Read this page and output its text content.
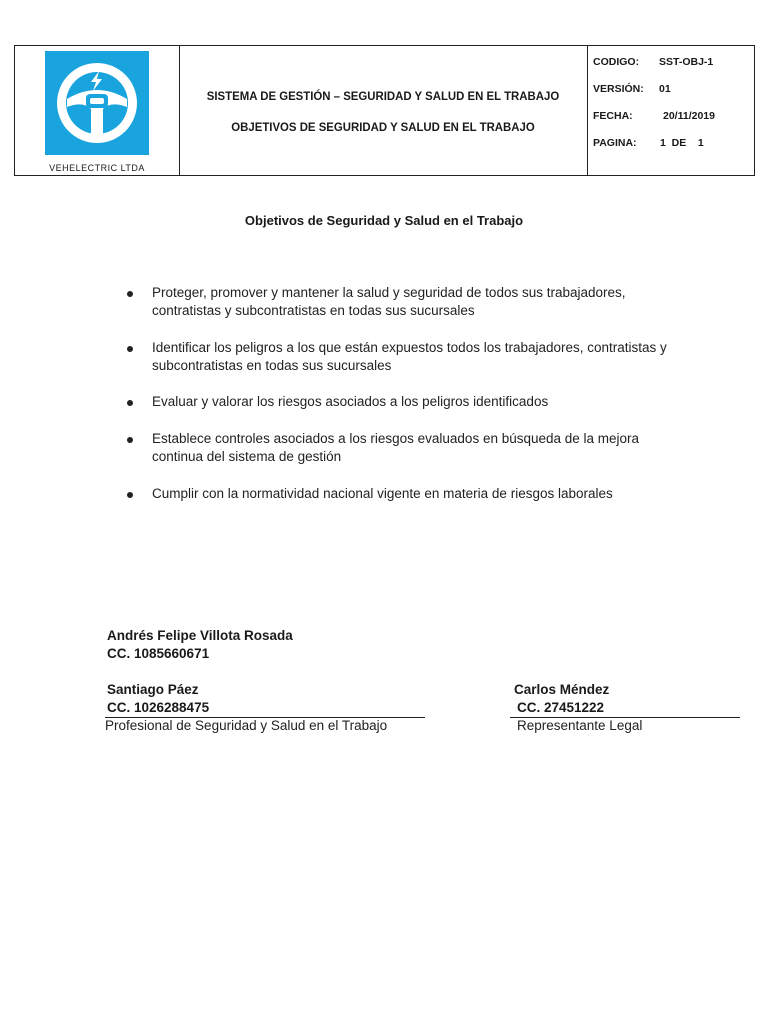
VEHELECTRIC LTDA
SISTEMA DE GESTIÓN – SEGURIDAD Y SALUD EN EL TRABAJO
OBJETIVOS DE SEGURIDAD Y SALUD EN EL TRABAJO
CODIGO: SST-OBJ-1
VERSIÓN: 01
FECHA:	20/11/2019
PAGINA: 1  DE    1
Objetivos de Seguridad y Salud en el Trabajo
Proteger, promover y mantener la salud y seguridad de todos sus trabajadores, contratistas y subcontratistas en todas sus sucursales
Identificar los peligros a los que están expuestos todos los trabajadores, contratistas y subcontratistas en todas sus sucursales
Evaluar y valorar los riesgos asociados a los peligros identificados
Establece controles asociados a los riesgos evaluados en búsqueda de la mejora continua del sistema de gestión
Cumplir con la normatividad nacional vigente en materia de riesgos laborales
Andrés Felipe Villota Rosada
CC. 1085660671
Santiago Páez
CC. 1026288475
Profesional de Seguridad y Salud en el Trabajo
Carlos Méndez
CC. 27451222
Representante Legal
